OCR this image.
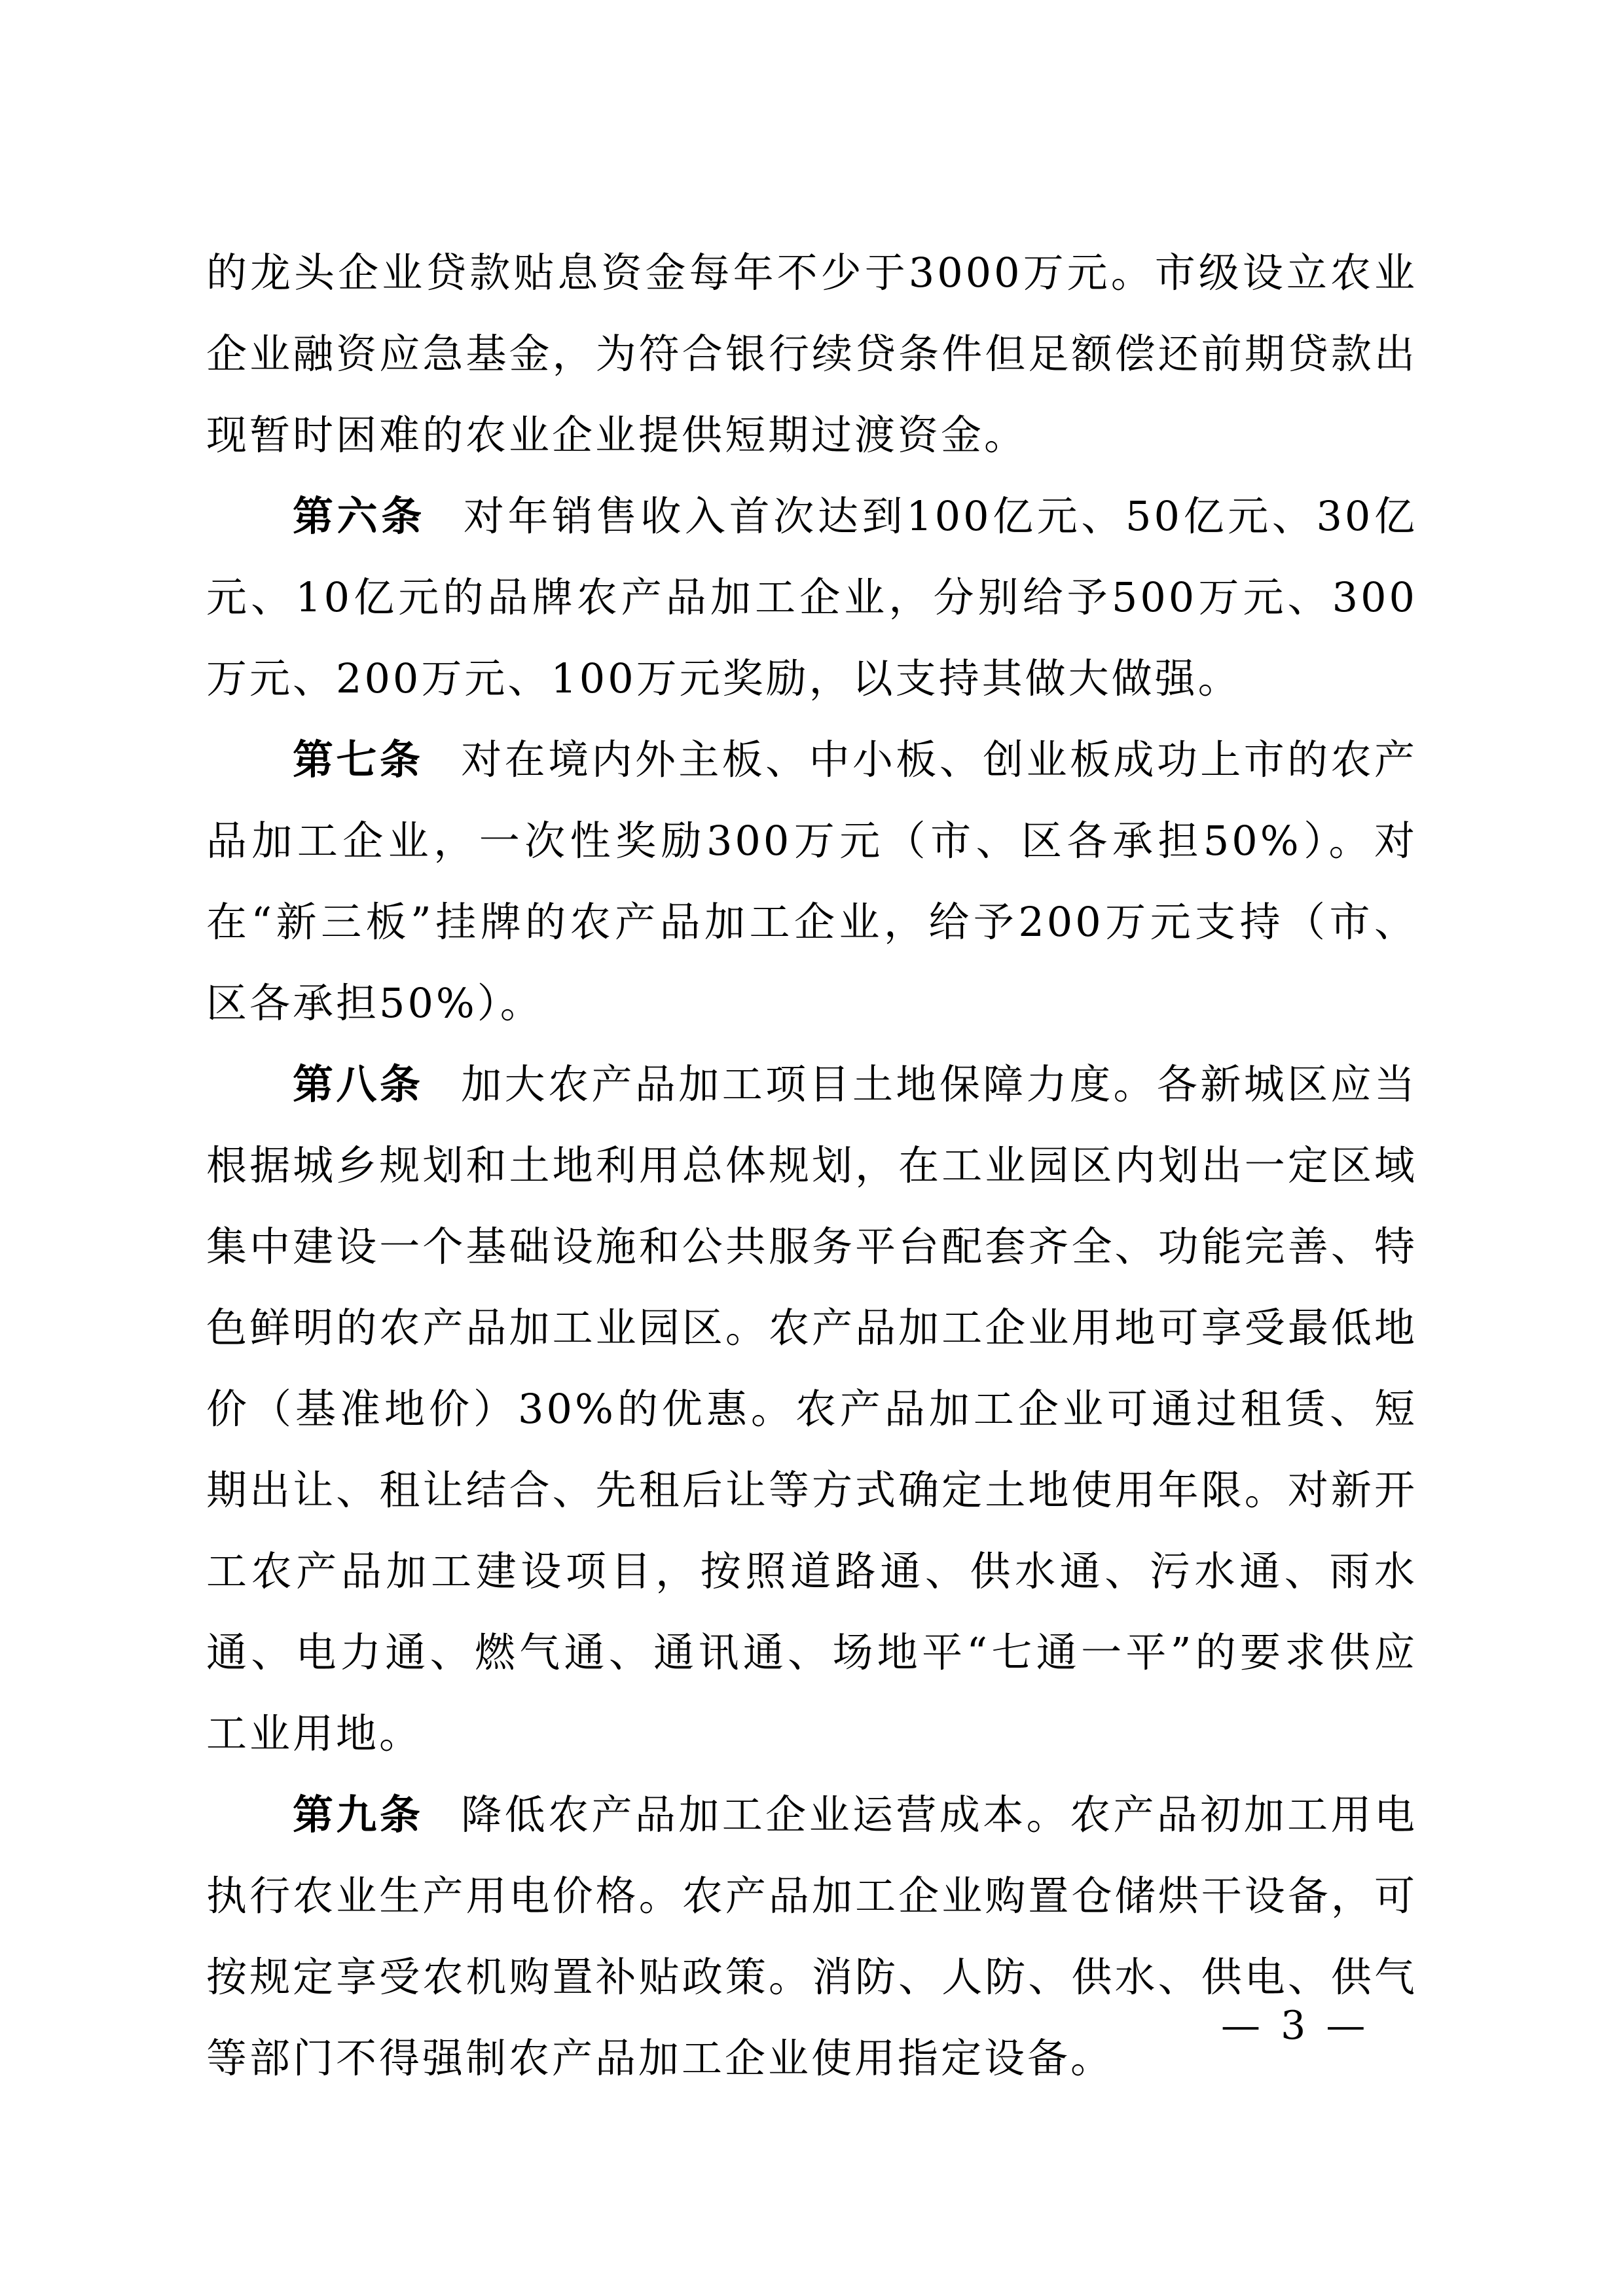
的龙头企业贷款贴息资金每年不少于3000万元。市级设立农业企业融资应急基金，为符合银行续贷条件但足额偿还前期贷款出现暂时困难的农业企业提供短期过渡资金。

第六条 对年销售收入首次达到100亿元、50亿元、30亿元、10亿元的品牌农产品加工企业，分别给予500万元、300万元、200万元、100万元奖励，以支持其做大做强。

第七条 对在境内外主板、中小板、创业板成功上市的农产品加工企业，一次性奖励300万元（市、区各承担50%）。对在“新三板”挂牌的农产品加工企业，给予200万元支持（市、区各承担50%）。

第八条 加大农产品加工项目土地保障力度。各新城区应当根据城乡规划和土地利用总体规划，在工业园区内划出一定区域集中建设一个基础设施和公共服务平台配套齐全、功能完善、特色鲜明的农产品加工业园区。农产品加工企业用地可享受最低地价（基准地价）30%的优惠。农产品加工企业可通过租赁、短期出让、租让结合、先租后让等方式确定土地使用年限。对新开工农产品加工建设项目，按照道路通、供水通、污水通、雨水通、电力通、燃气通、通讯通、场地平“七通一平”的要求供应工业用地。

第九条 降低农产品加工企业运营成本。农产品初加工用电执行农业生产用电价格。农产品加工企业购置仓储烘干设备，可按规定享受农机购置补贴政策。消防、人防、供水、供电、供气等部门不得强制农产品加工企业使用指定设备。

— 3 —
